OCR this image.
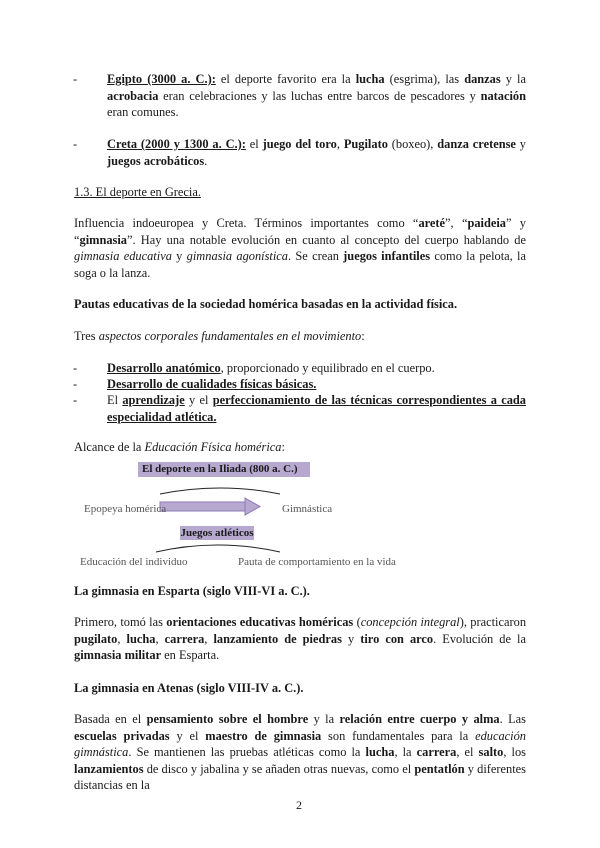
-	Egipto (3000 a. C.): el deporte favorito era la lucha (esgrima), las danzas y la acrobacia eran celebraciones y las luchas entre barcos de pescadores y natación eran comunes.
-	Creta (2000 y 1300 a. C.): el juego del toro, Pugilato (boxeo), danza cretense y juegos acrobáticos.
1.3. El deporte en Grecia.
Influencia indoeuropea y Creta. Términos importantes como “areté”, “paideia” y “gimnasia”. Hay una notable evolución en cuanto al concepto del cuerpo hablando de gimnasia educativa y gimnasia agonística. Se crean juegos infantiles como la pelota, la soga o la lanza.
Pautas educativas de la sociedad homérica basadas en la actividad física.
Tres aspectos corporales fundamentales en el movimiento:
-	Desarrollo anatómico, proporcionado y equilibrado en el cuerpo.
-	Desarrollo de cualidades físicas básicas.
-	El aprendizaje y el perfeccionamiento de las técnicas correspondientes a cada especialidad atlética.
Alcance de la Educación Física homérica:
El deporte en la Iliada (800 a. C.)
Epopeya homérica	Gimnástica
Juegos atléticos
Educación del individuo	Pauta de comportamiento en la vida
La gimnasia en Esparta (siglo VIII-VI a. C.).
Primero, tomó las orientaciones educativas homéricas (concepción integral), practicaron pugilato, lucha, carrera, lanzamiento de piedras y tiro con arco. Evolución de la gimnasia militar en Esparta.
La gimnasia en Atenas (siglo VIII-IV a. C.).
Basada en el pensamiento sobre el hombre y la relación entre cuerpo y alma. Las escuelas privadas y el maestro de gimnasia son fundamentales para la educación gimnástica. Se mantienen las pruebas atléticas como la lucha, la carrera, el salto, los lanzamientos de disco y jabalina y se añaden otras nuevas, como el pentatlón y diferentes distancias en la
2
